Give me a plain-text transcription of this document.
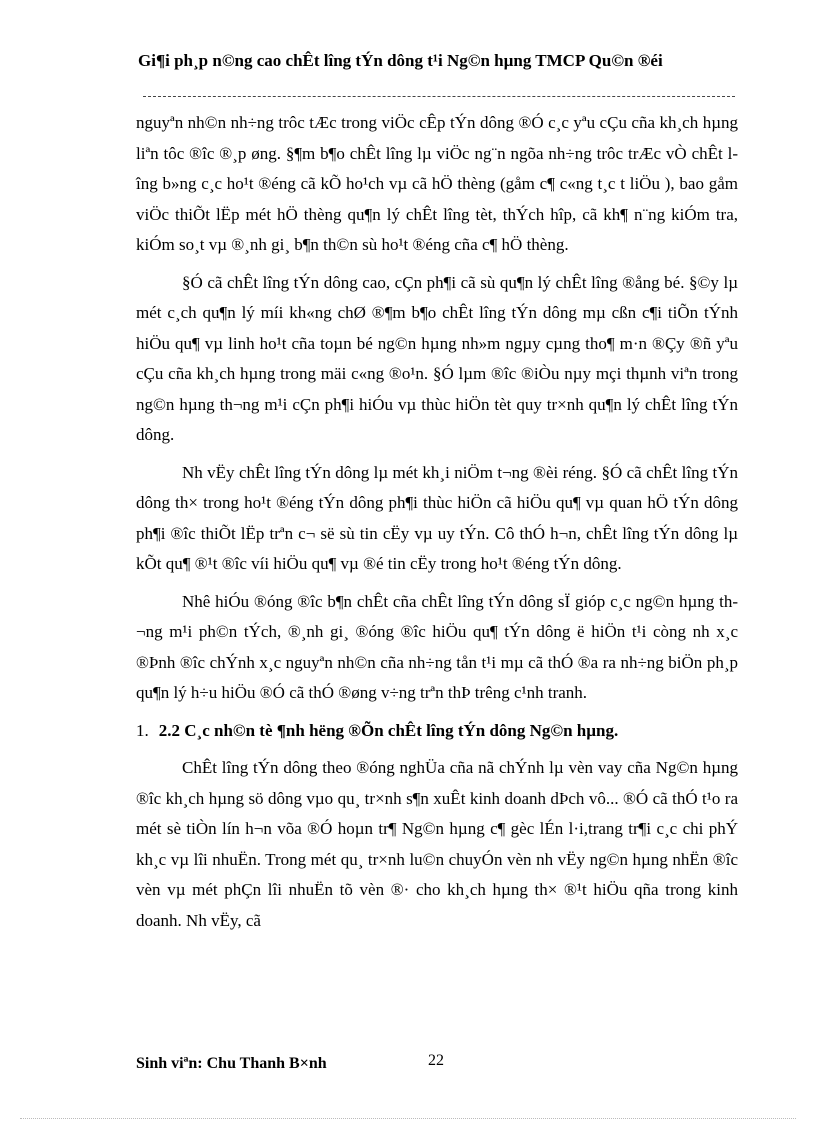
Gi¶i ph¸p n©ng cao chÊt lîng tÝn dông t¹i Ng©n hµng TMCP Qu©n ®éi

nguyªn nh©n nh÷ng trôc tÆc trong viÖc cÊp tÝn dông ®Ó c¸c yªu cÇu cña kh¸ch hµng liªn tôc ®îc ®¸p øng. §¶m b¶o chÊt lîng lµ viÖc ng¨n ngõa nh÷ng trôc trÆc vÒ chÊt lîng b»ng c¸c ho¹t ®éng cã kÕ ho¹ch vµ cã hÖ thèng (gåm c¶ c«ng t¸c t liÖu ), bao gåm viÖc thiÕt lËp mét hÖ thèng qu¶n lý chÊt lîng tèt, thÝch hîp, cã kh¶ n¨ng kiÓm tra, kiÓm so¸t vµ ®¸nh gi¸ b¶n th©n sù ho¹t ®éng cña c¶ hÖ thèng.

§Ó cã chÊt lîng tÝn dông cao, cÇn ph¶i cã sù qu¶n lý chÊt lîng ®ång bé. §©y lµ mét c¸ch qu¶n lý míi kh«ng chØ ®¶m b¶o chÊt lîng tÝn dông mµ cßn c¶i tiÕn tÝnh hiÖu qu¶ vµ linh ho¹t cña toµn bé ng©n hµng nh»m ngµy cµng tho¶ m·n ®Çy ®ñ yªu cÇu cña kh¸ch hµng trong mäi c«ng ®o¹n. §Ó lµm ®îc ®iÒu nµy mçi thµnh viªn trong ng©n hµng th¬ng m¹i cÇn ph¶i hiÓu vµ thùc hiÖn tèt quy tr×nh qu¶n lý chÊt lîng tÝn dông.

Nh vËy chÊt lîng tÝn dông lµ mét kh¸i niÖm t¬ng ®èi réng. §Ó cã chÊt lîng tÝn dông th× trong ho¹t ®éng tÝn dông ph¶i thùc hiÖn cã hiÖu qu¶ vµ quan hÖ tÝn dông ph¶i ®îc thiÕt lËp trªn c¬ së sù tin cËy vµ uy tÝn. Cô thÓ h¬n, chÊt lîng tÝn dông lµ kÕt qu¶ ®¹t ®îc víi hiÖu qu¶ vµ ®é tin cËy trong ho¹t ®éng tÝn dông.

Nhê hiÓu ®óng ®îc b¶n chÊt cña chÊt lîng tÝn dông sÏ gióp c¸c ng©n hµng th¬ng m¹i ph©n tÝch, ®¸nh gi¸ ®óng ®îc hiÖu qu¶ tÝn dông ë hiÖn t¹i còng nh x¸c ®Þnh ®îc chÝnh x¸c nguyªn nh©n cña nh÷ng tån t¹i mµ cã thÓ ®a ra nh÷ng biÖn ph¸p qu¶n lý h÷u hiÖu ®Ó cã thÓ ®øng v÷ng trªn thÞ trêng c¹nh tranh.

1. 2.2 C¸c nh©n tè ¶nh hëng ®Õn chÊt lîng tÝn dông Ng©n hµng.

ChÊt lîng tÝn dông theo ®óng nghÜa cña nã chÝnh lµ vèn vay cña Ng©n hµng ®îc kh¸ch hµng sö dông vµo qu¸ tr×nh s¶n xuÊt kinh doanh dÞch vô... ®Ó cã thÓ t¹o ra mét sè tiÒn lín h¬n võa ®Ó hoµn tr¶ Ng©n hµng c¶ gèc lÉn l·i,trang tr¶i c¸c chi phÝ kh¸c vµ lîi nhuËn. Trong mét qu¸ tr×nh lu©n chuyÓn vèn nh vËy ng©n hµng nhËn ®îc vèn vµ mét phÇn lîi nhuËn tõ vèn ®· cho kh¸ch hµng th× ®¹t hiÖu qña trong kinh doanh. Nh vËy, cã

Sinh viªn: Chu Thanh B×nh	22
